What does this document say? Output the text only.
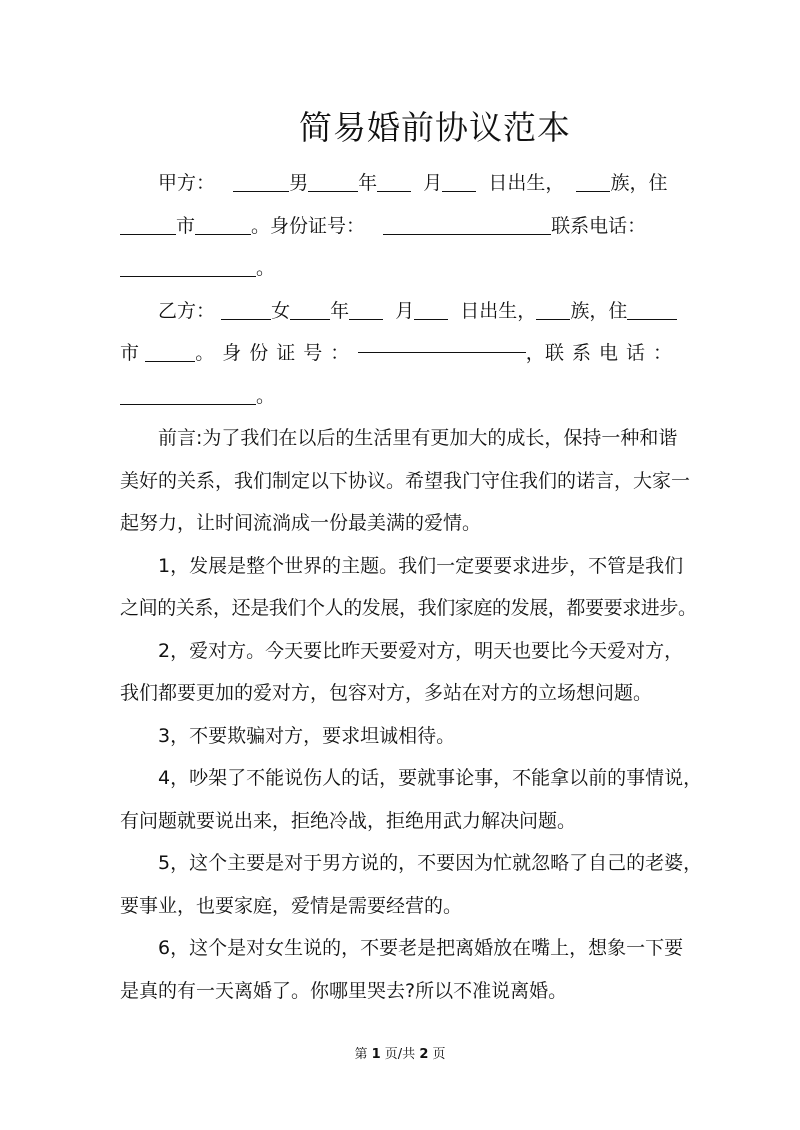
简易婚前协议范本
甲方：	男	年 月 日出生， 族，住
市	。身份证号：	联系电话：
。
乙方：	女 年 月 日出生， 族，住
市	。身份证号：	， 联系电话：
。
前言:为了我们在以后的生活里有更加大的成长，保持一种和谐
美好的关系，我们制定以下协议。希望我门守住我们的诺言，大家一
起努力，让时间流淌成一份最美满的爱情。
1，发展是整个世界的主题。我们一定要要求进步，不管是我们
之间的关系，还是我们个人的发展，我们家庭的发展，都要要求进步。
2，爱对方。今天要比昨天要爱对方，明天也要比今天爱对方，
我们都要更加的爱对方，包容对方，多站在对方的立场想问题。
3，不要欺骗对方，要求坦诚相待。
4，吵架了不能说伤人的话，要就事论事，不能拿以前的事情说，
有问题就要说出来，拒绝冷战，拒绝用武力解决问题。
5，这个主要是对于男方说的，不要因为忙就忽略了自己的老婆，
要事业，也要家庭，爱情是需要经营的。
6，这个是对女生说的，不要老是把离婚放在嘴上，想象一下要
是真的有一天离婚了。你哪里哭去?所以不准说离婚。
第 1 页/共 2 页
